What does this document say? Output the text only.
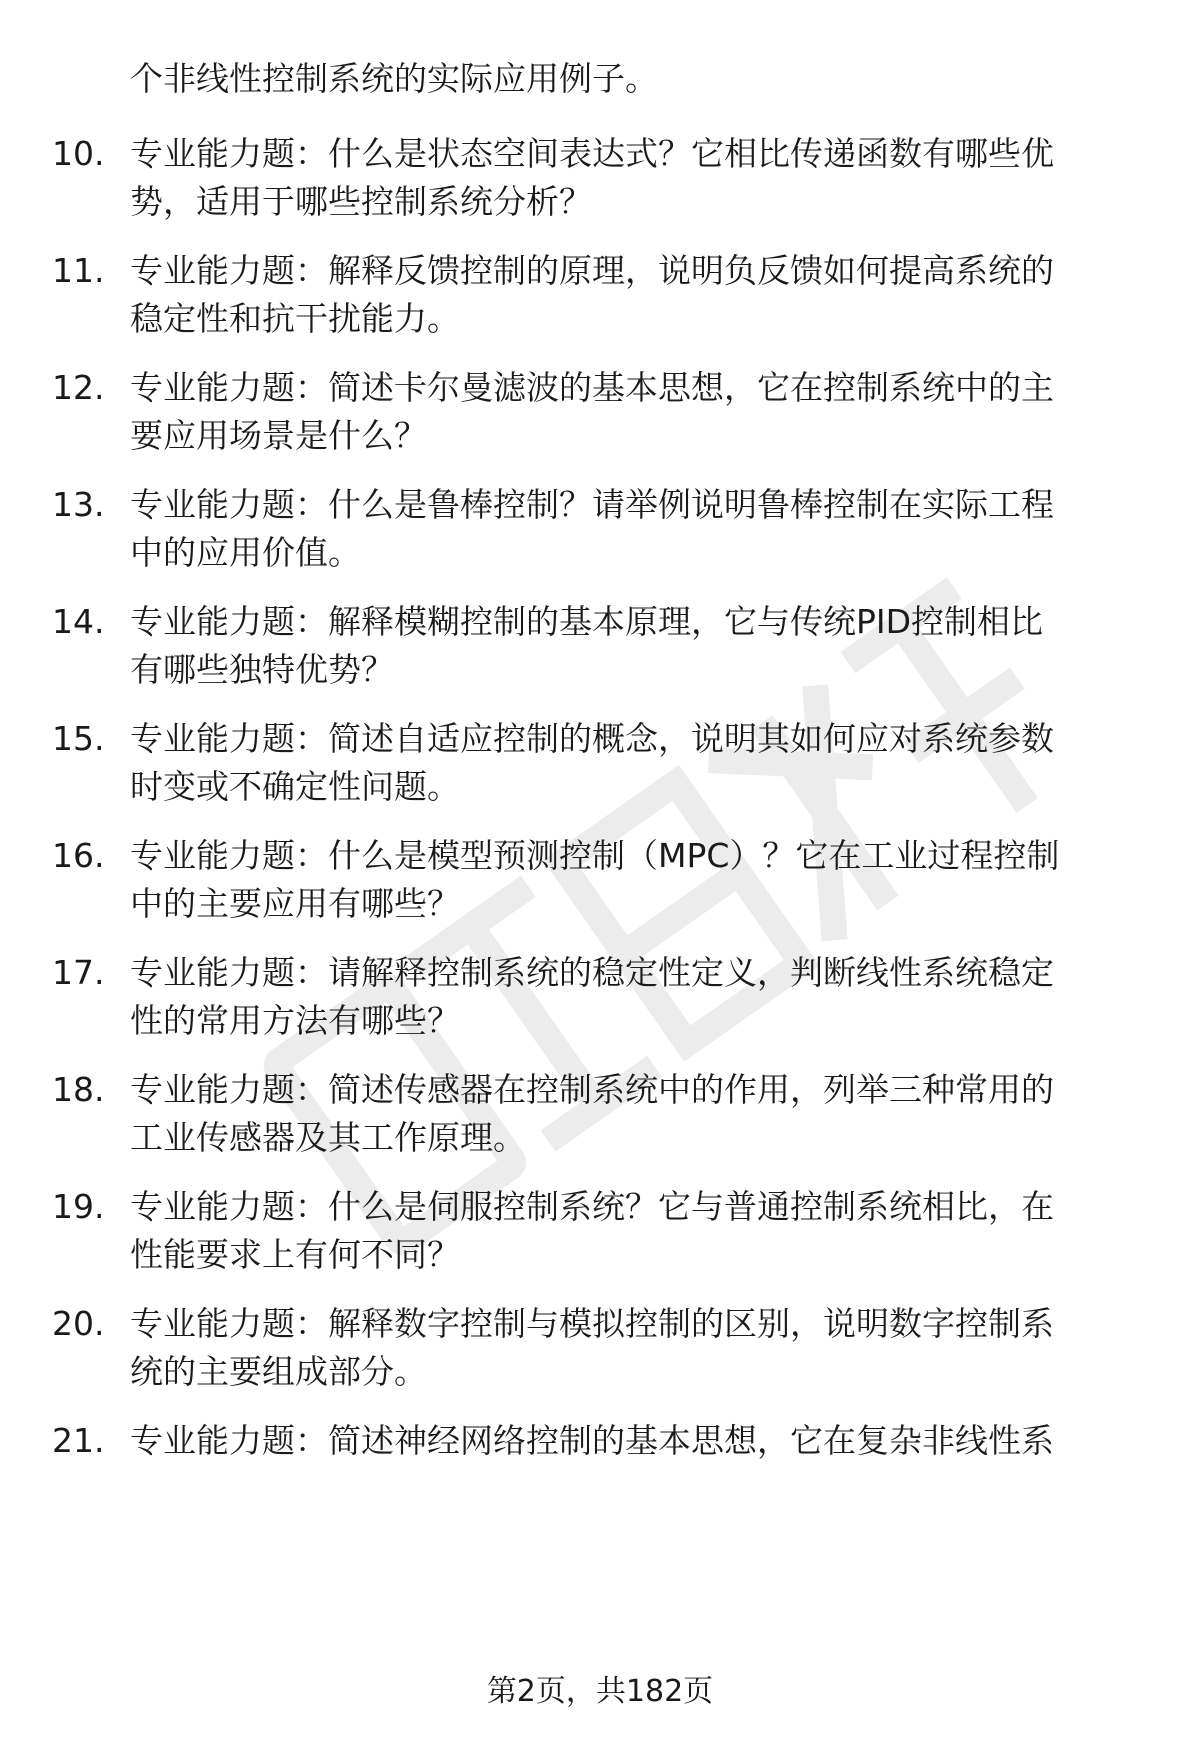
个非线性控制系统的实际应用例子。

10. 专业能力题：什么是状态空间表达式？它相比传递函数有哪些优
势，适用于哪些控制系统分析？

11. 专业能力题：解释反馈控制的原理，说明负反馈如何提高系统的
稳定性和抗干扰能力。

12. 专业能力题：简述卡尔曼滤波的基本思想，它在控制系统中的主
要应用场景是什么？

13. 专业能力题：什么是鲁棒控制？请举例说明鲁棒控制在实际工程
中的应用价值。

14. 专业能力题：解释模糊控制的基本原理，它与传统PID控制相比
有哪些独特优势？

15. 专业能力题：简述自适应控制的概念，说明其如何应对系统参数
时变或不确定性问题。

16. 专业能力题：什么是模型预测控制（MPC）？它在工业过程控制
中的主要应用有哪些？

17. 专业能力题：请解释控制系统的稳定性定义，判断线性系统稳定
性的常用方法有哪些？

18. 专业能力题：简述传感器在控制系统中的作用，列举三种常用的
工业传感器及其工作原理。

19. 专业能力题：什么是伺服控制系统？它与普通控制系统相比，在
性能要求上有何不同？

20. 专业能力题：解释数字控制与模拟控制的区别，说明数字控制系
统的主要组成部分。

21. 专业能力题：简述神经网络控制的基本思想，它在复杂非线性系

第2页，共182页
